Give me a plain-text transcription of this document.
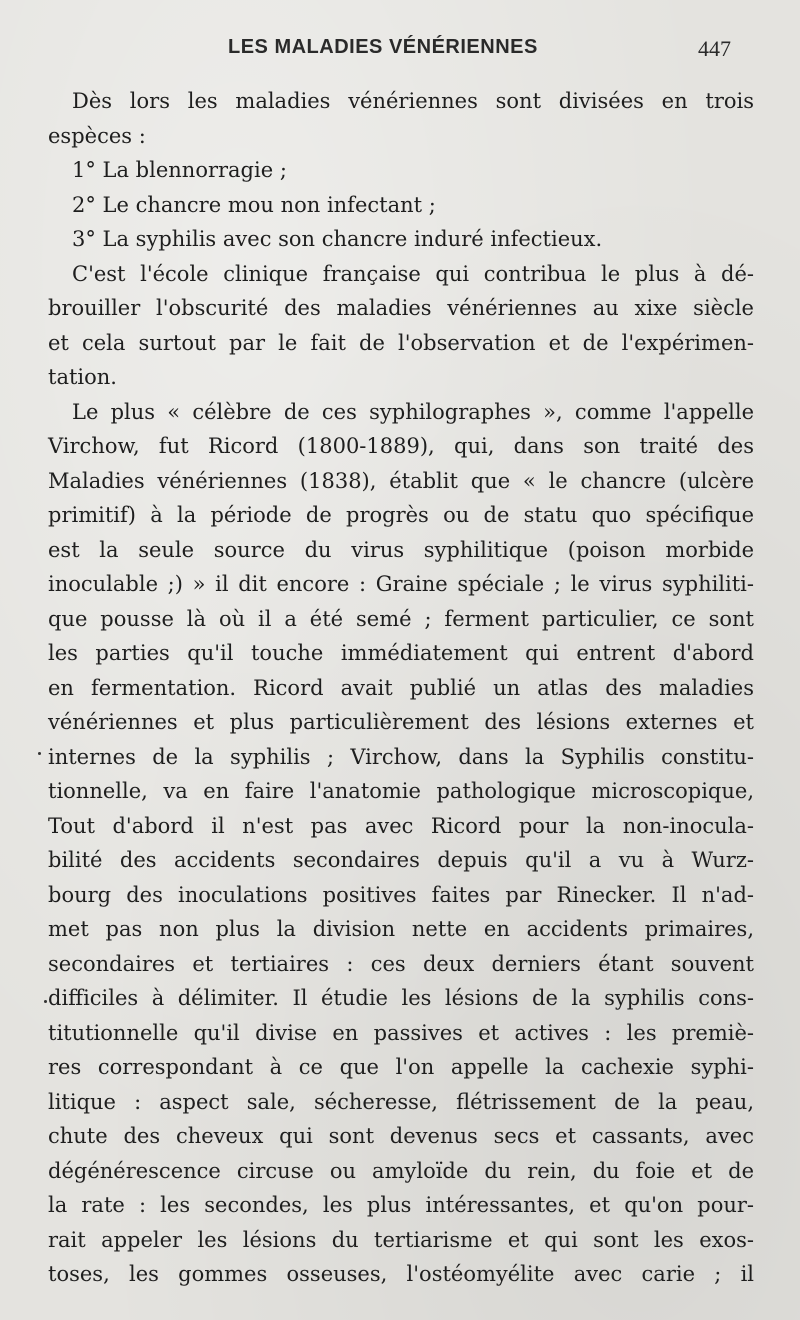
LES MALADIES VÉNÉRIENNES	447
Dès lors les maladies vénériennes sont divisées en trois
espèces :
1° La blennorragie ;
2° Le chancre mou non infectant ;
3° La syphilis avec son chancre induré infectieux.
C'est l'école clinique française qui contribua le plus à dé-
brouiller l'obscurité des maladies vénériennes au xixe siècle
et cela surtout par le fait de l'observation et de l'expérimen-
tation.
Le plus « célèbre de ces syphilographes », comme l'appelle
Virchow, fut Ricord (1800-1889), qui, dans son traité des
Maladies vénériennes (1838), établit que « le chancre (ulcère
primitif) à la période de progrès ou de statu quo spécifique
est la seule source du virus syphilitique (poison morbide
inoculable ;) » il dit encore : Graine spéciale ; le virus syphiliti-
que pousse là où il a été semé ; ferment particulier, ce sont
les parties qu'il touche immédiatement qui entrent d'abord
en fermentation. Ricord avait publié un atlas des maladies
vénériennes et plus particulièrement des lésions externes et
internes de la syphilis ; Virchow, dans la Syphilis constitu-
tionnelle, va en faire l'anatomie pathologique microscopique,
Tout d'abord il n'est pas avec Ricord pour la non-inocula-
bilité des accidents secondaires depuis qu'il a vu à Wurz-
bourg des inoculations positives faites par Rinecker. Il n'ad-
met pas non plus la division nette en accidents primaires,
secondaires et tertiaires : ces deux derniers étant souvent
difficiles à délimiter. Il étudie les lésions de la syphilis cons-
titutionnelle qu'il divise en passives et actives : les premiè-
res correspondant à ce que l'on appelle la cachexie syphi-
litique : aspect sale, sécheresse, flétrissement de la peau,
chute des cheveux qui sont devenus secs et cassants, avec
dégénérescence circuse ou amyloïde du rein, du foie et de
la rate : les secondes, les plus intéressantes, et qu'on pour-
rait appeler les lésions du tertiarisme et qui sont les exos-
toses, les gommes osseuses, l'ostéomyélite avec carie ; il
